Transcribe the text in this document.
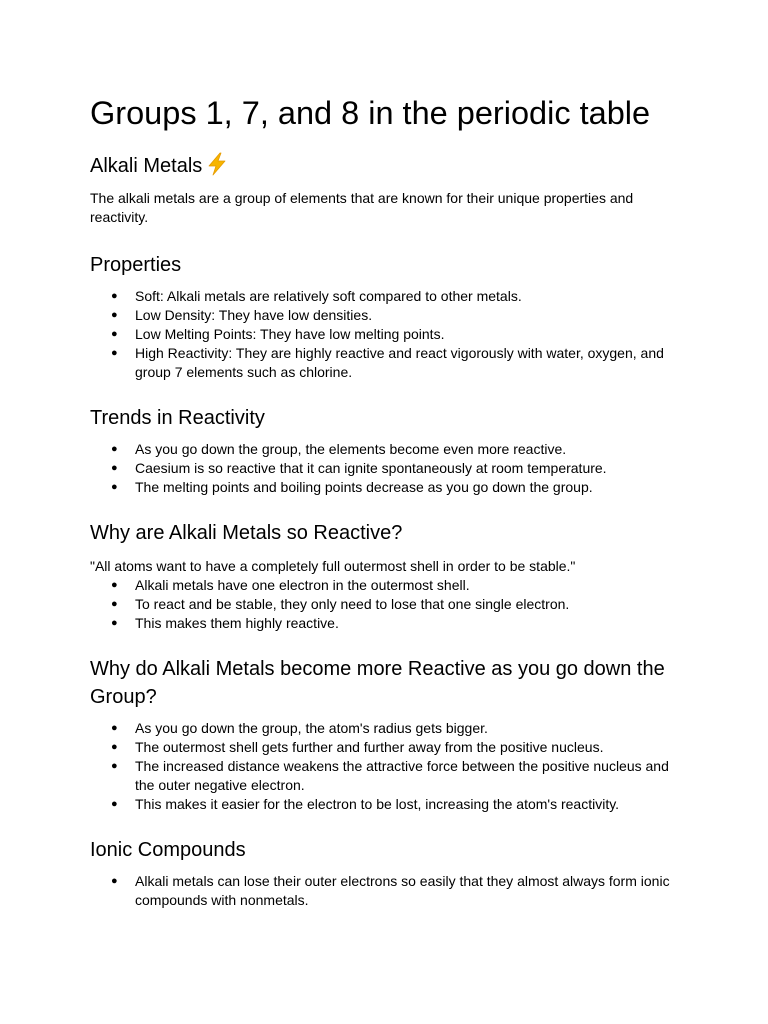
Groups 1, 7, and 8 in the periodic table
Alkali Metals

The alkali metals are a group of elements that are known for their unique properties and reactivity.

Properties
● Soft: Alkali metals are relatively soft compared to other metals.
● Low Density: They have low densities.
● Low Melting Points: They have low melting points.
● High Reactivity: They are highly reactive and react vigorously with water, oxygen, and group 7 elements such as chlorine.
Trends in Reactivity
● As you go down the group, the elements become even more reactive.
● Caesium is so reactive that it can ignite spontaneously at room temperature.
● The melting points and boiling points decrease as you go down the group.
Why are Alkali Metals so Reactive?

"All atoms want to have a completely full outermost shell in order to be stable."

● Alkali metals have one electron in the outermost shell.
● To react and be stable, they only need to lose that one single electron.
● This makes them highly reactive.
Why do Alkali Metals become more Reactive as you go down the Group?
● As you go down the group, the atom's radius gets bigger.
● The outermost shell gets further and further away from the positive nucleus.
● The increased distance weakens the attractive force between the positive nucleus and the outer negative electron.
● This makes it easier for the electron to be lost, increasing the atom's reactivity.
Ionic Compounds
● Alkali metals can lose their outer electrons so easily that they almost always form ionic compounds with nonmetals.
